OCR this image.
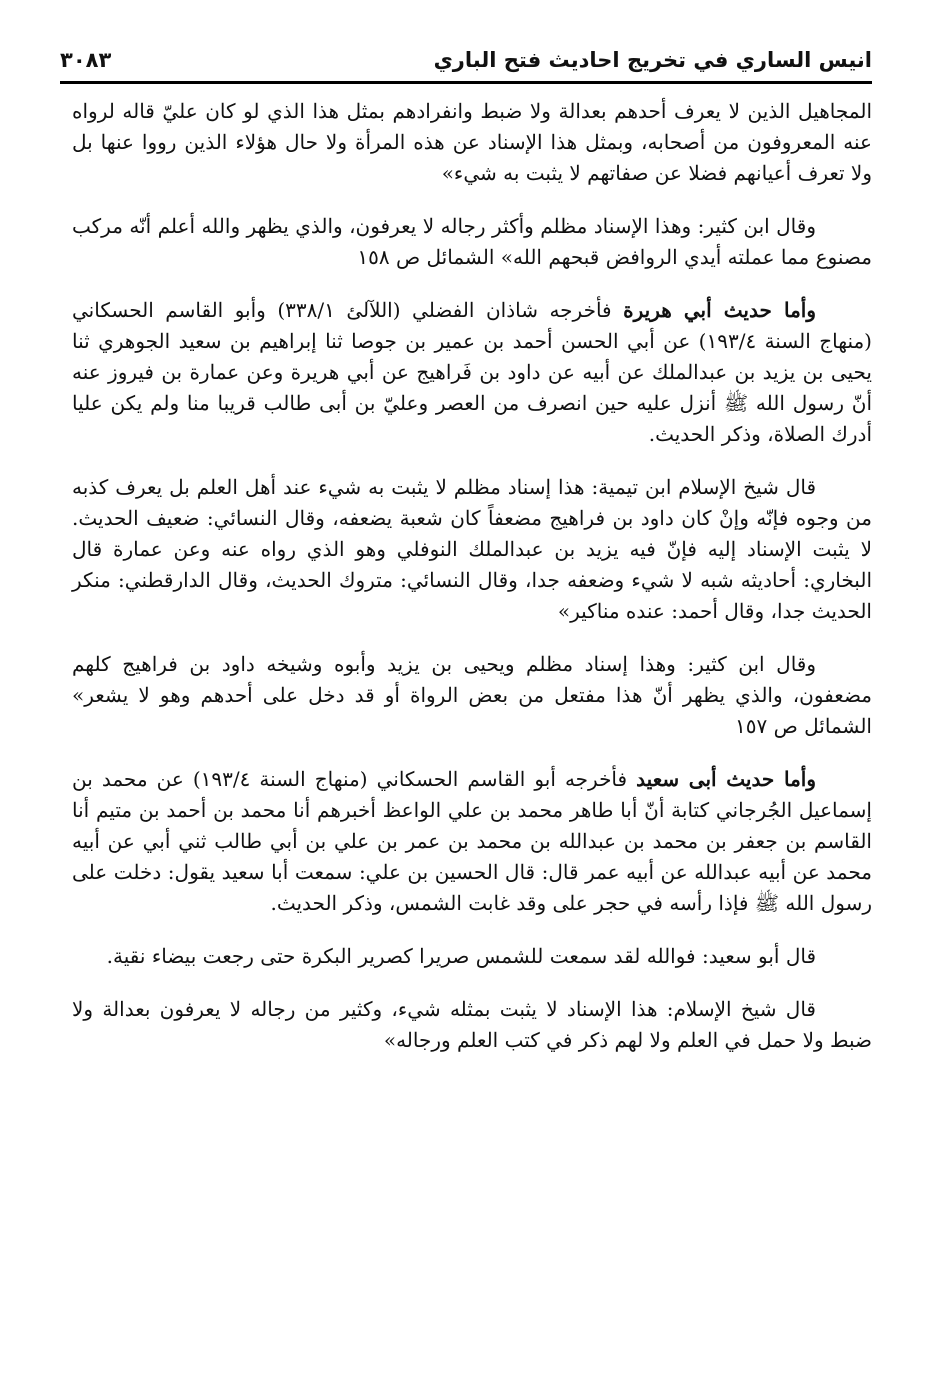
انيس الساري في تخريج احاديث فتح الباري
٣٠٨٣

المجاهيل الذين لا يعرف أحدهم بعدالة ولا ضبط وانفرادهم بمثل هذا الذي لو كان عليّ قاله لرواه عنه المعروفون من أصحابه، وبمثل هذا الإسناد عن هذه المرأة ولا حال هؤلاء الذين رووا عنها بل ولا تعرف أعيانهم فضلا عن صفاتهم لا يثبت به شيء»

وقال ابن كثير: وهذا الإسناد مظلم وأكثر رجاله لا يعرفون، والذي يظهر والله أعلم أنّه مركب مصنوع مما عملته أيدي الروافض قبحهم الله» الشمائل ص ١٥٨

وأما حديث أبي هريرة فأخرجه شاذان الفضلي (اللآلئ ٣٣٨/١) وأبو القاسم الحسكاني (منهاج السنة ١٩٣/٤) عن أبي الحسن أحمد بن عمير بن جوصا ثنا إبراهيم بن سعيد الجوهري ثنا يحيى بن يزيد بن عبدالملك عن أبيه عن داود بن فَراهيج عن أبي هريرة وعن عمارة بن فيروز عنه أنّ رسول الله ﷺ أنزل عليه حين انصرف من العصر وعليّ بن أبى طالب قريبا منا ولم يكن عليا أدرك الصلاة، وذكر الحديث.

قال شيخ الإسلام ابن تيمية: هذا إسناد مظلم لا يثبت به شيء عند أهل العلم بل يعرف كذبه من وجوه فإنّه وإنْ كان داود بن فراهيج مضعفاً كان شعبة يضعفه، وقال النسائي: ضعيف الحديث. لا يثبت الإسناد إليه فإنّ فيه يزيد بن عبدالملك النوفلي وهو الذي رواه عنه وعن عمارة قال البخاري: أحاديثه شبه لا شيء وضعفه جدا، وقال النسائي: متروك الحديث، وقال الدارقطني: منكر الحديث جدا، وقال أحمد: عنده مناكير»

وقال ابن كثير: وهذا إسناد مظلم ويحيى بن يزيد وأبوه وشيخه داود بن فراهيج كلهم مضعفون، والذي يظهر أنّ هذا مفتعل من بعض الرواة أو قد دخل على أحدهم وهو لا يشعر» الشمائل ص ١٥٧

وأما حديث أبى سعيد فأخرجه أبو القاسم الحسكاني (منهاج السنة ١٩٣/٤) عن محمد بن إسماعيل الجُرجاني كتابة أنّ أبا طاهر محمد بن علي الواعظ أخبرهم أنا محمد بن أحمد بن متيم أنا القاسم بن جعفر بن محمد بن عبدالله بن محمد بن عمر بن علي بن أبي طالب ثني أبي عن أبيه محمد عن أبيه عبدالله عن أبيه عمر قال: قال الحسين بن علي: سمعت أبا سعيد يقول: دخلت على رسول الله ﷺ فإذا رأسه في حجر على وقد غابت الشمس، وذكر الحديث.

قال أبو سعيد: فوالله لقد سمعت للشمس صريرا كصرير البكرة حتى رجعت بيضاء نقية.

قال شيخ الإسلام: هذا الإسناد لا يثبت بمثله شيء، وكثير من رجاله لا يعرفون بعدالة ولا ضبط ولا حمل في العلم ولا لهم ذكر في كتب العلم ورجاله»
